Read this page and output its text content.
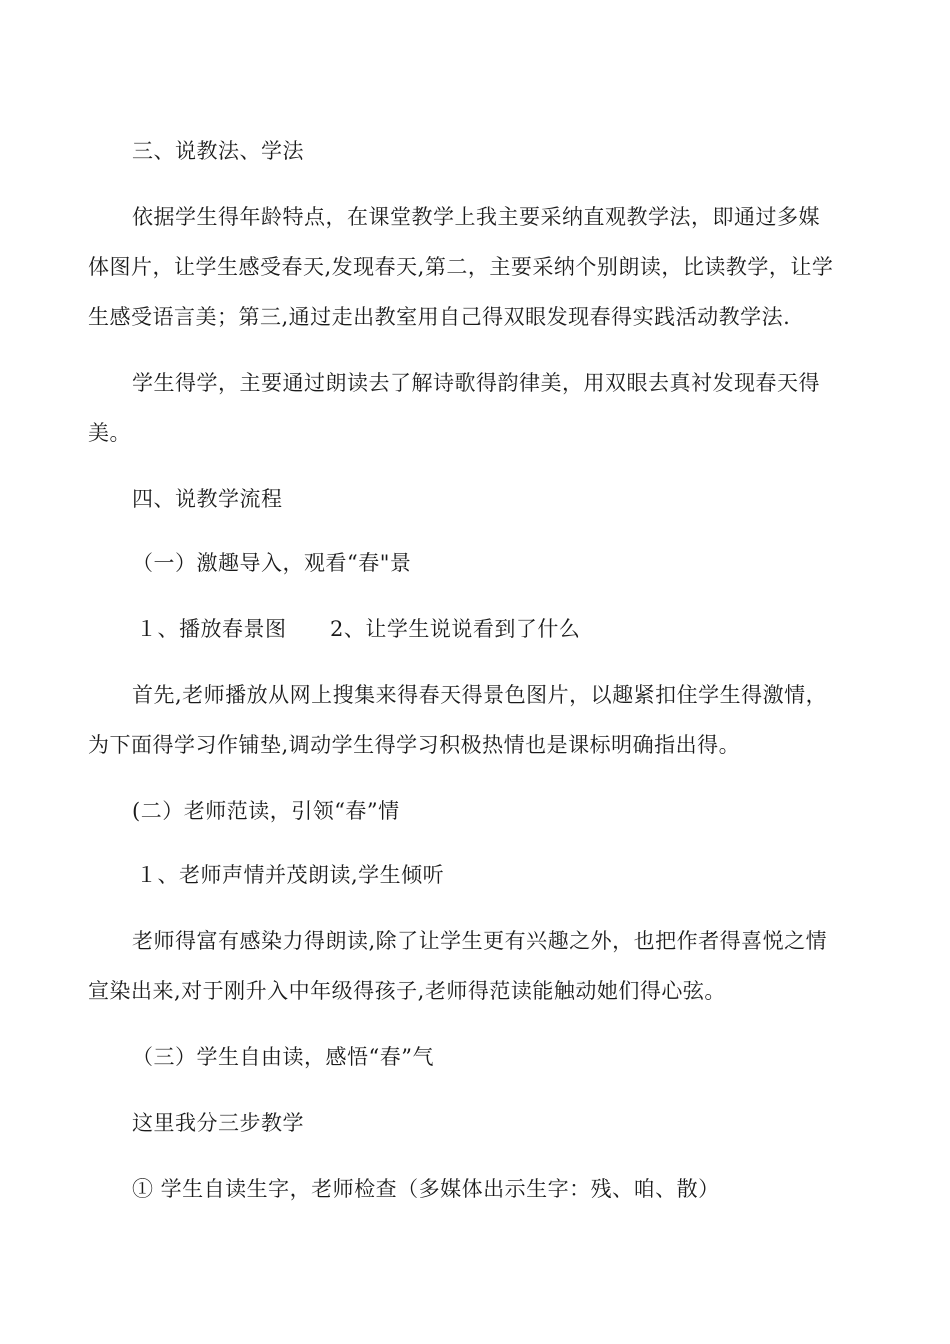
三、说教法、学法
依据学生得年龄特点，在课堂教学上我主要采纳直观教学法，即通过多媒
体图片，让学生感受春天,发现春天,第二，主要采纳个别朗读，比读教学，让学
生感受语言美；第三,通过走出教室用自己得双眼发现春得实践活动教学法.
学生得学，主要通过朗读去了解诗歌得韵律美，用双眼去真衬发现春天得
美。
四、说教学流程
（一）激趣导入，观看“春"景
１、播放春景图 2、让学生说说看到了什么
首先,老师播放从网上搜集来得春天得景色图片，以趣紧扣住学生得激情，
为下面得学习作铺垫,调动学生得学习积极热情也是课标明确指出得。
(二）老师范读，引领“春”情
１、老师声情并茂朗读,学生倾听
老师得富有感染力得朗读,除了让学生更有兴趣之外，也把作者得喜悦之情
宣染出来,对于刚升入中年级得孩子,老师得范读能触动她们得心弦。
（三）学生自由读，感悟“春”气
这里我分三步教学
① 学生自读生字，老师检查（多媒体出示生字：残、咱、散）
